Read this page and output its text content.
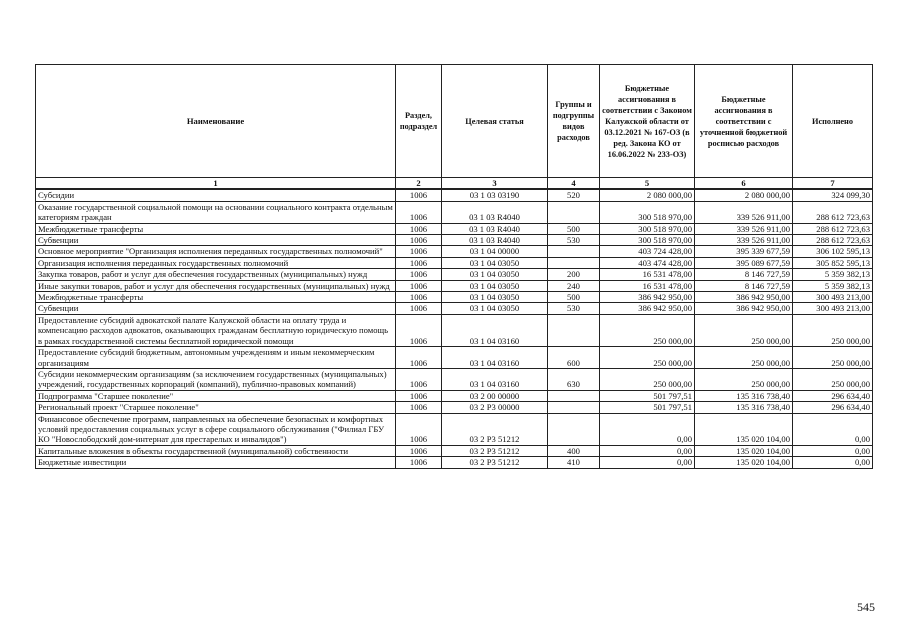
Наименование	Раздел, подраздел	Целевая статья	Группы и подгруппы видов расходов	Бюджетные ассигнования в соответствии с Законом Калужской области от 03.12.2021 № 167-ОЗ (в ред. Закона КО от 16.06.2022 № 233-ОЗ)	Бюджетные ассигнования в соответствии с уточненной бюджетной росписью расходов	Исполнено
1	2	3	4	5	6	7
Субсидии	1006	03 1 03 03190	520	2 080 000,00	2 080 000,00	324 099,30
Оказание государственной социальной помощи на основании социального контракта отдельным категориям граждан	1006	03 1 03 R4040		300 518 970,00	339 526 911,00	288 612 723,63
Межбюджетные трансферты	1006	03 1 03 R4040	500	300 518 970,00	339 526 911,00	288 612 723,63
Субвенции	1006	03 1 03 R4040	530	300 518 970,00	339 526 911,00	288 612 723,63
Основное мероприятие "Организация исполнения переданных государственных полномочий"	1006	03 1 04 00000		403 724 428,00	395 339 677,59	306 102 595,13
Организация исполнения переданных государственных полномочий	1006	03 1 04 03050		403 474 428,00	395 089 677,59	305 852 595,13
Закупка товаров, работ и услуг для обеспечения государственных (муниципальных) нужд	1006	03 1 04 03050	200	16 531 478,00	8 146 727,59	5 359 382,13
Иные закупки товаров, работ и услуг для обеспечения государственных (муниципальных) нужд	1006	03 1 04 03050	240	16 531 478,00	8 146 727,59	5 359 382,13
Межбюджетные трансферты	1006	03 1 04 03050	500	386 942 950,00	386 942 950,00	300 493 213,00
Субвенции	1006	03 1 04 03050	530	386 942 950,00	386 942 950,00	300 493 213,00
Предоставление субсидий адвокатской палате Калужской области на оплату труда и компенсацию расходов адвокатов, оказывающих гражданам бесплатную юридическую помощь в рамках государственной системы бесплатной юридической помощи	1006	03 1 04 03160		250 000,00	250 000,00	250 000,00
Предоставление субсидий бюджетным, автономным учреждениям и иным некоммерческим организациям	1006	03 1 04 03160	600	250 000,00	250 000,00	250 000,00
Субсидии некоммерческим организациям (за исключением государственных (муниципальных) учреждений, государственных корпораций (компаний), публично-правовых компаний)	1006	03 1 04 03160	630	250 000,00	250 000,00	250 000,00
Подпрограмма "Старшее поколение"	1006	03 2 00 00000		501 797,51	135 316 738,40	296 634,40
Региональный проект "Старшее поколение"	1006	03 2 P3 00000		501 797,51	135 316 738,40	296 634,40
Финансовое обеспечение программ, направленных на обеспечение безопасных и комфортных условий предоставления социальных услуг в сфере социального обслуживания ("Филиал ГБУ КО "Новослободский дом-интернат для престарелых и инвалидов")	1006	03 2 P3 51212		0,00	135 020 104,00	0,00
Капитальные вложения в объекты государственной (муниципальной) собственности	1006	03 2 P3 51212	400	0,00	135 020 104,00	0,00
Бюджетные инвестиции	1006	03 2 P3 51212	410	0,00	135 020 104,00	0,00
545
